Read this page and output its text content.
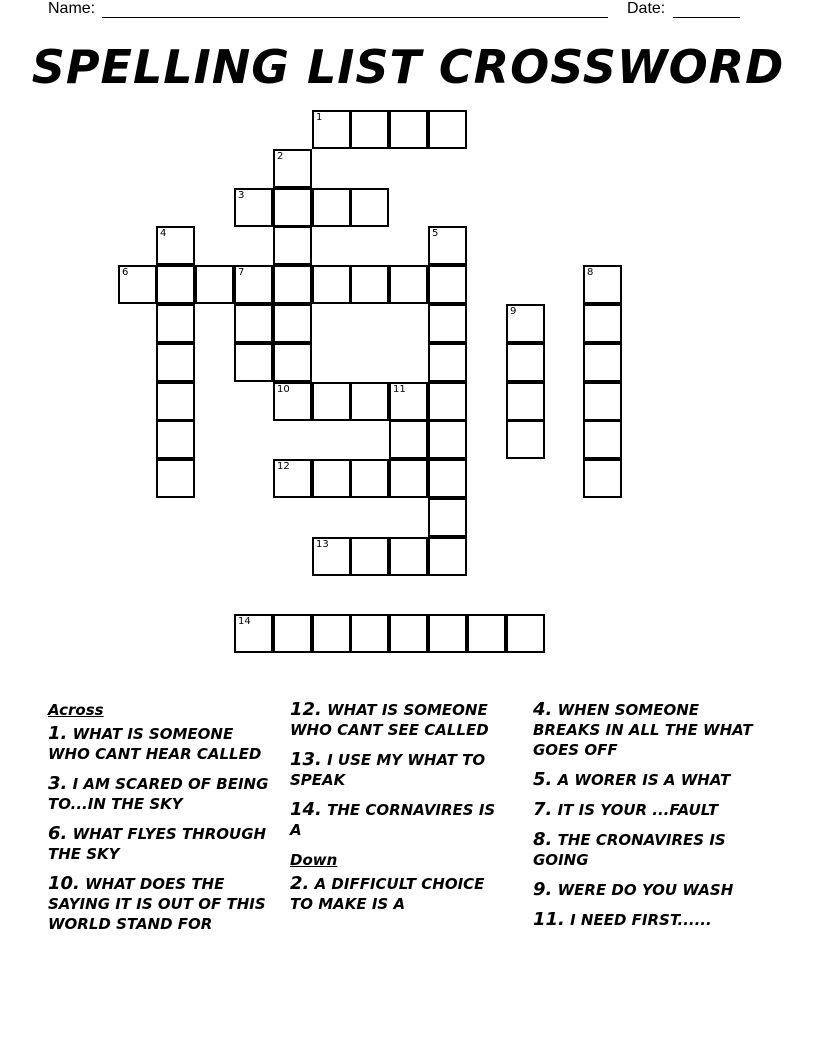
Name:	Date:
SPELLING LIST CROSSWORD
1
2
3
4	5
6	7	8
9
10	11
12
13
14
Across
1. WHAT IS SOMEONE WHO CANT HEAR CALLED
3. I AM SCARED OF BEING TO...IN THE SKY
6. WHAT FLYES THROUGH THE SKY
10. WHAT DOES THE SAYING IT IS OUT OF THIS WORLD STAND FOR
12. WHAT IS SOMEONE WHO CANT SEE CALLED
13. I USE MY WHAT TO SPEAK
14. THE CORNAVIRES IS A
Down
2. A DIFFICULT CHOICE TO MAKE IS A
4. WHEN SOMEONE BREAKS IN ALL THE WHAT GOES OFF
5. A WORER IS A WHAT
7. IT IS YOUR ...FAULT
8. THE CRONAVIRES IS GOING
9. WERE DO YOU WASH
11. I NEED FIRST......
